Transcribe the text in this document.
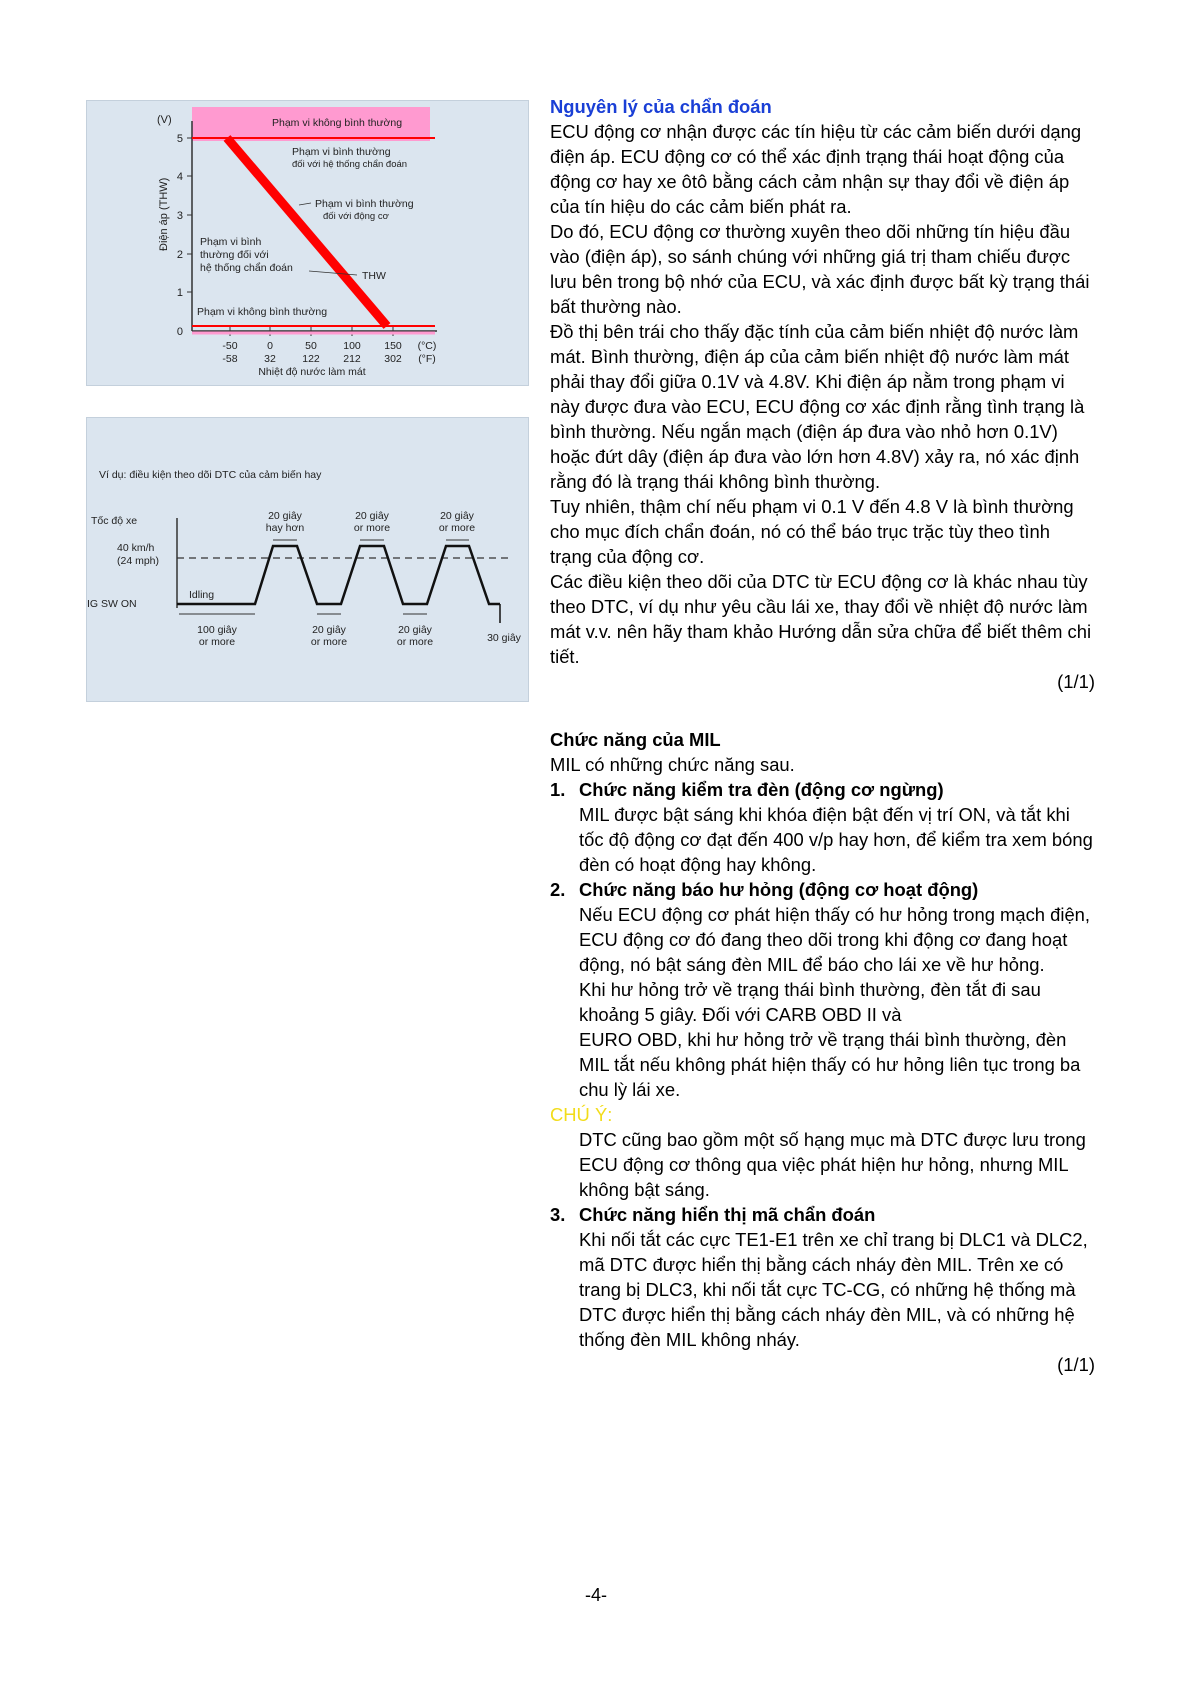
(V)
Điện áp (THW)
5
4
3
2
1
0
-50	0	50	100 150 (°C)
-58	32	122 212 302 (°F)
Nhiệt độ nước làm mát
Phạm vi không bình thường
Phạm vi bình thường
đối với hệ thống chẩn đoán
Phạm vi bình thường
đối với động cơ
Phạm vi bình
thường đối với
hệ thống chẩn đoán
THW
Phạm vi không bình thường
Ví dụ: điều kiện theo dõi DTC của cảm biến hay
Tốc độ xe
40 km/h
(24 mph)
IG SW ON
Idling
20 giây
hay hơn
20 giây
or more
20 giây
or more
100 giây
or more
20 giây
or more
20 giây
or more	30 giây
Nguyên lý của chẩn đoán

ECU động cơ nhận được các tín hiệu từ các cảm biến dưới dạng điện áp. ECU động cơ có thể xác định trạng thái hoạt động của động cơ hay xe ôtô bằng cách cảm nhận sự thay đổi về điện áp của tín hiệu do các cảm biến phát ra.

Do đó, ECU động cơ thường xuyên theo dõi những tín hiệu đầu vào (điện áp), so sánh chúng với những giá trị tham chiếu được lưu bên trong bộ nhớ của ECU, và xác định được bất kỳ trạng thái bất thường nào.

Đồ thị bên trái cho thấy đặc tính của cảm biến nhiệt độ nước làm mát. Bình thường, điện áp của cảm biến nhiệt độ nước làm mát phải thay đổi giữa 0.1V và 4.8V. Khi điện áp nằm trong phạm vi này được đưa vào ECU, ECU động cơ xác định rằng tình trạng là bình thường. Nếu ngắn mạch (điện áp đưa vào nhỏ hơn 0.1V) hoặc đứt dây (điện áp đưa vào lớn hơn 4.8V) xảy ra, nó xác định rằng đó là trạng thái không bình thường.

Tuy nhiên, thậm chí nếu phạm vi 0.1 V đến 4.8 V là bình thường cho mục đích chẩn đoán, nó có thể báo trục trặc tùy theo tình trạng của động cơ.

Các điều kiện theo dõi của DTC từ ECU động cơ là khác nhau tùy theo DTC, ví dụ như yêu cầu lái xe, thay đổi về nhiệt độ nước làm mát v.v. nên hãy tham khảo Hướng dẫn sửa chữa để biết thêm chi tiết.

(1/1)
Chức năng của MIL

MIL có những chức năng sau.

1. Chức năng kiểm tra đèn (động cơ ngừng)

MIL được bật sáng khi khóa điện bật đến vị trí ON, và tắt khi tốc độ động cơ đạt đến 400 v/p hay hơn, để kiểm tra xem bóng đèn có hoạt động hay không.

2. Chức năng báo hư hỏng (động cơ hoạt động)

Nếu ECU động cơ phát hiện thấy có hư hỏng trong mạch điện, ECU động cơ đó đang theo dõi trong khi động cơ đang hoạt động, nó bật sáng đèn MIL để báo cho lái xe về hư hỏng.

Khi hư hỏng trở về trạng thái bình thường, đèn tắt đi sau khoảng 5 giây. Đối với CARB OBD II và

EURO OBD, khi hư hỏng trở về trạng thái bình thường, đèn MIL tắt nếu không phát hiện thấy có hư hỏng liên tục trong ba chu lỳ lái xe.

CHÚ Ý:

DTC cũng bao gồm một số hạng mục mà DTC được lưu trong ECU động cơ thông qua việc phát hiện hư hỏng, nhưng MIL không bật sáng.

3. Chức năng hiển thị mã chẩn đoán

Khi nối tắt các cực TE1-E1 trên xe chỉ trang bị DLC1 và DLC2, mã DTC được hiển thị bằng cách nháy đèn MIL. Trên xe có trang bị DLC3, khi nối tắt cực TC-CG, có những hệ thống mà DTC được hiển thị bằng cách nháy đèn MIL, và có những hệ thống đèn MIL không nháy.

(1/1)
-4-
